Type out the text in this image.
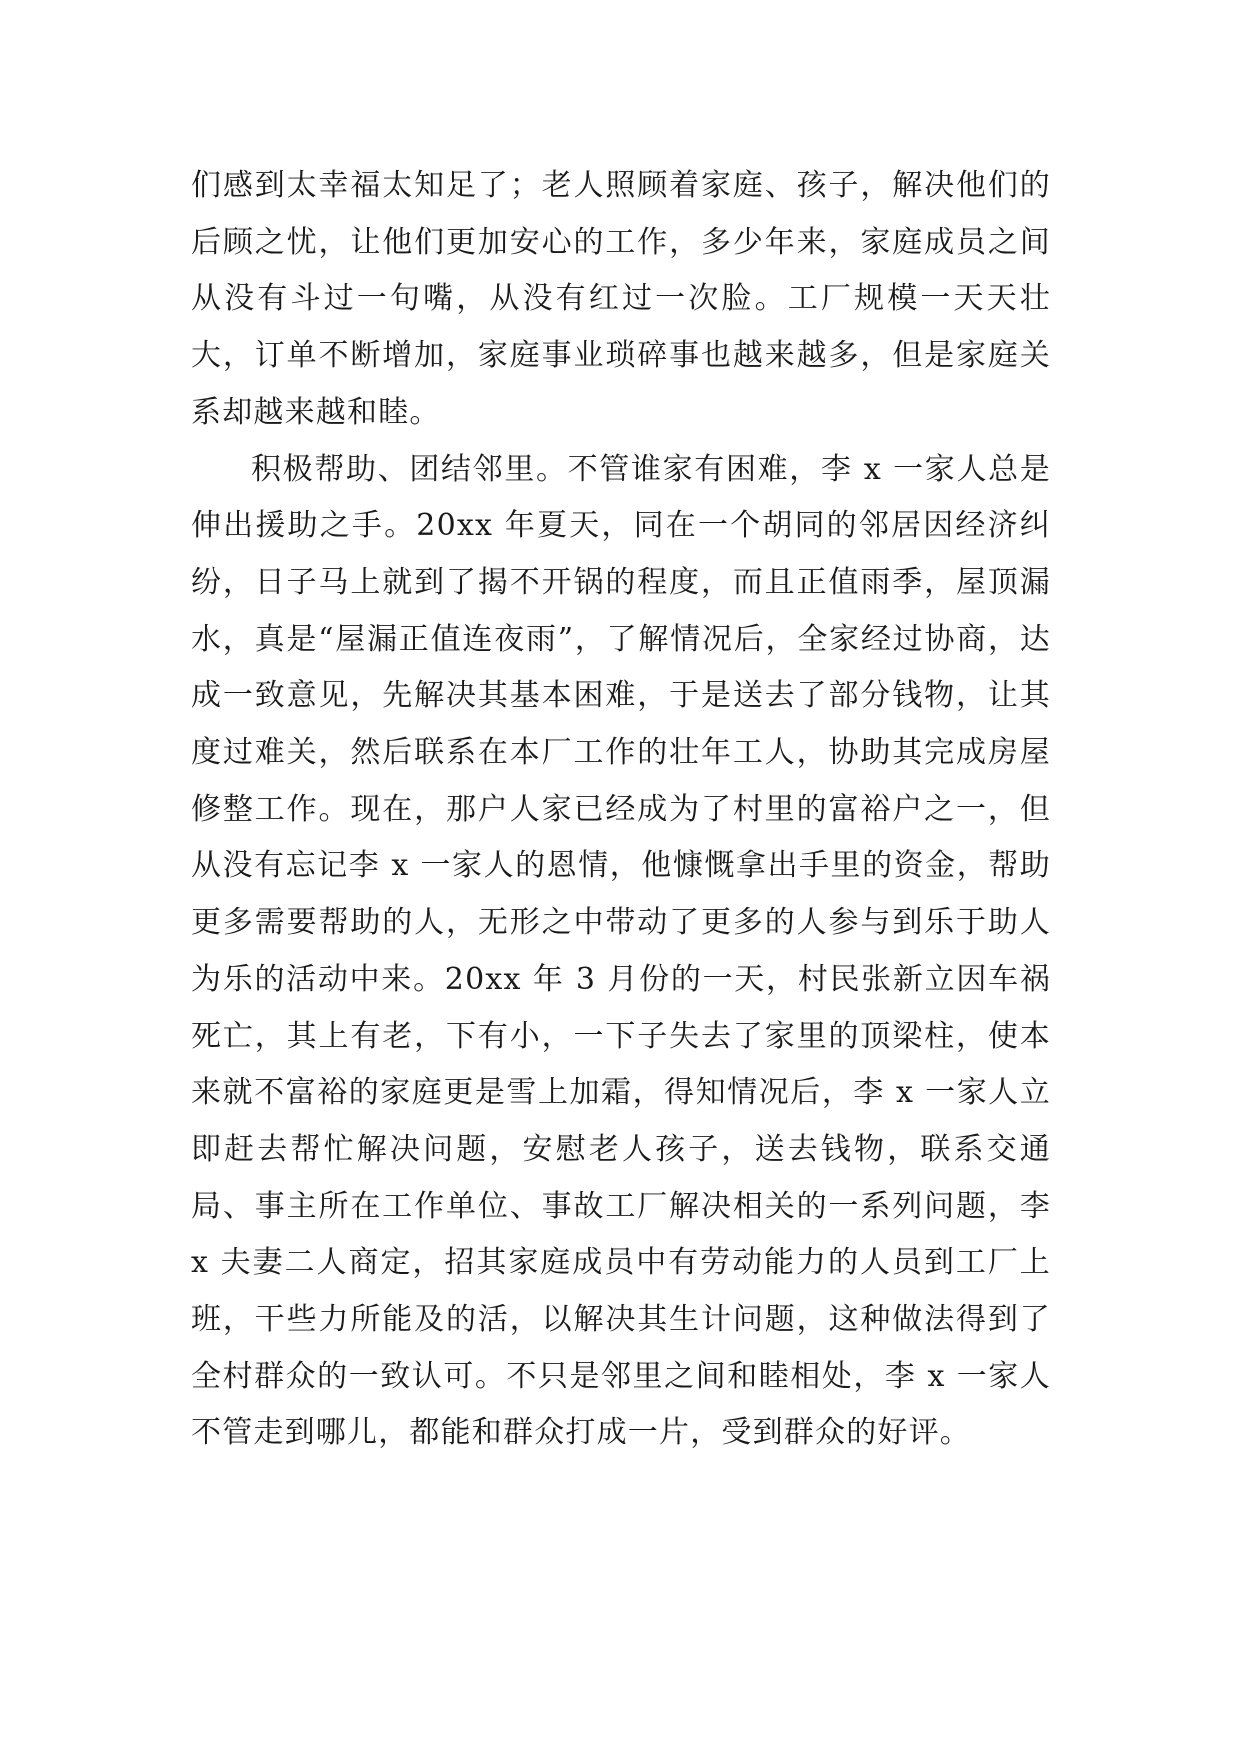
们感到太幸福太知足了；老人照顾着家庭、孩子，解决他们的后顾之忧，让他们更加安心的工作，多少年来，家庭成员之间从没有斗过一句嘴，从没有红过一次脸。工厂规模一天天壮大，订单不断增加，家庭事业琐碎事也越来越多，但是家庭关系却越来越和睦。

积极帮助、团结邻里。不管谁家有困难，李 x 一家人总是伸出援助之手。20xx 年夏天，同在一个胡同的邻居因经济纠纷，日子马上就到了揭不开锅的程度，而且正值雨季，屋顶漏水，真是“屋漏正值连夜雨”，了解情况后，全家经过协商，达成一致意见，先解决其基本困难，于是送去了部分钱物，让其度过难关，然后联系在本厂工作的壮年工人，协助其完成房屋修整工作。现在，那户人家已经成为了村里的富裕户之一，但从没有忘记李 x 一家人的恩情，他慷慨拿出手里的资金，帮助更多需要帮助的人，无形之中带动了更多的人参与到乐于助人为乐的活动中来。20xx 年 3 月份的一天，村民张新立因车祸死亡，其上有老，下有小，一下子失去了家里的顶梁柱，使本来就不富裕的家庭更是雪上加霜，得知情况后，李 x 一家人立即赶去帮忙解决问题，安慰老人孩子，送去钱物，联系交通局、事主所在工作单位、事故工厂解决相关的一系列问题，李 x 夫妻二人商定，招其家庭成员中有劳动能力的人员到工厂上班，干些力所能及的活，以解决其生计问题，这种做法得到了全村群众的一致认可。不只是邻里之间和睦相处，李 x 一家人不管走到哪儿，都能和群众打成一片，受到群众的好评。
